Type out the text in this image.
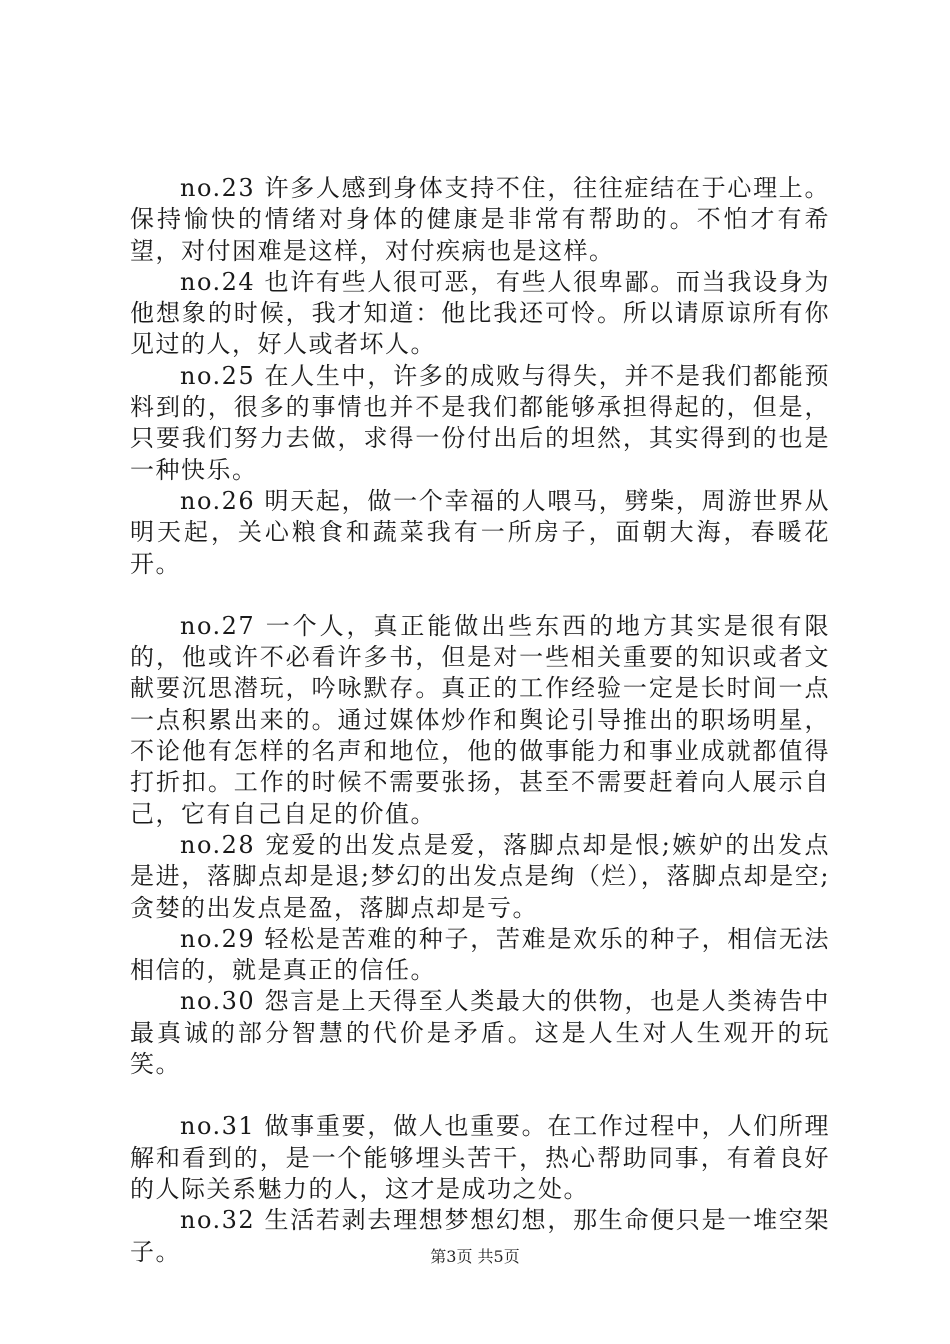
no.23 许多人感到身体支持不住，往往症结在于心理上。保持愉快的情绪对身体的健康是非常有帮助的。不怕才有希望，对付困难是这样，对付疾病也是这样。

no.24 也许有些人很可恶，有些人很卑鄙。而当我设身为他想象的时候，我才知道：他比我还可怜。所以请原谅所有你见过的人，好人或者坏人。

no.25 在人生中，许多的成败与得失，并不是我们都能预料到的，很多的事情也并不是我们都能够承担得起的，但是，只要我们努力去做，求得一份付出后的坦然，其实得到的也是一种快乐。

no.26 明天起，做一个幸福的人喂马，劈柴，周游世界从明天起，关心粮食和蔬菜我有一所房子，面朝大海，春暖花开。

no.27 一个人，真正能做出些东西的地方其实是很有限的，他或许不必看许多书，但是对一些相关重要的知识或者文献要沉思潜玩，吟咏默存。真正的工作经验一定是长时间一点一点积累出来的。通过媒体炒作和舆论引导推出的职场明星，不论他有怎样的名声和地位，他的做事能力和事业成就都值得打折扣。工作的时候不需要张扬，甚至不需要赶着向人展示自己，它有自己自足的价值。

no.28 宠爱的出发点是爱，落脚点却是恨;嫉妒的出发点是进，落脚点却是退;梦幻的出发点是绚（烂），落脚点却是空;贪婪的出发点是盈，落脚点却是亏。

no.29 轻松是苦难的种子，苦难是欢乐的种子，相信无法相信的，就是真正的信任。

no.30 怨言是上天得至人类最大的供物，也是人类祷告中最真诚的部分智慧的代价是矛盾。这是人生对人生观开的玩笑。

no.31 做事重要，做人也重要。在工作过程中，人们所理解和看到的，是一个能够埋头苦干，热心帮助同事，有着良好的人际关系魅力的人，这才是成功之处。

no.32 生活若剥去理想梦想幻想，那生命便只是一堆空架子。	第3页 共5页
